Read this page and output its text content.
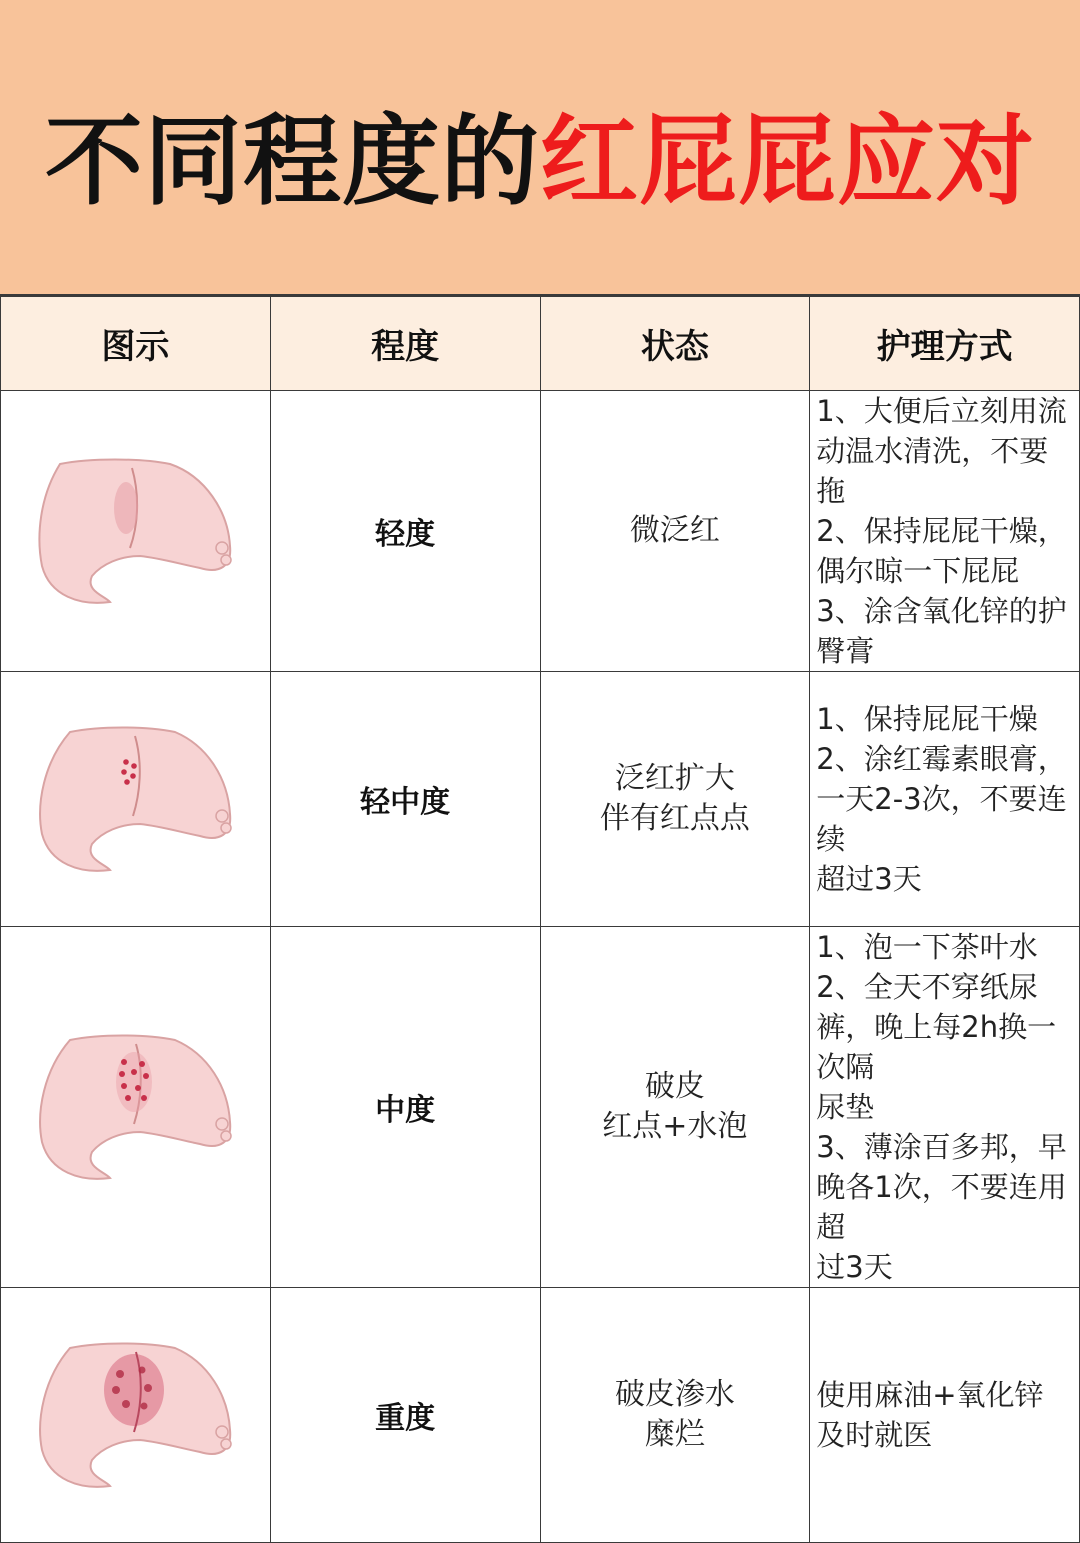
不同程度的红屁屁应对
图示	程度	状态	护理方式

	轻度	微泛红	1、大便后立刻用流动温水清洗，不要拖
2、保持屁屁干燥，偶尔晾一下屁屁
3、涂含氧化锌的护臀膏

	轻中度	泛红扩大
伴有红点点	1、保持屁屁干燥
2、涂红霉素眼膏，一天2-3次，不要连续
超过3天

	中度	破皮
红点+水泡	1、泡一下茶叶水
2、全天不穿纸尿裤，晚上每2h换一次隔
尿垫
3、薄涂百多邦，早晚各1次，不要连用超
过3天

	重度	破皮渗水
糜烂	使用麻油+氧化锌
及时就医
